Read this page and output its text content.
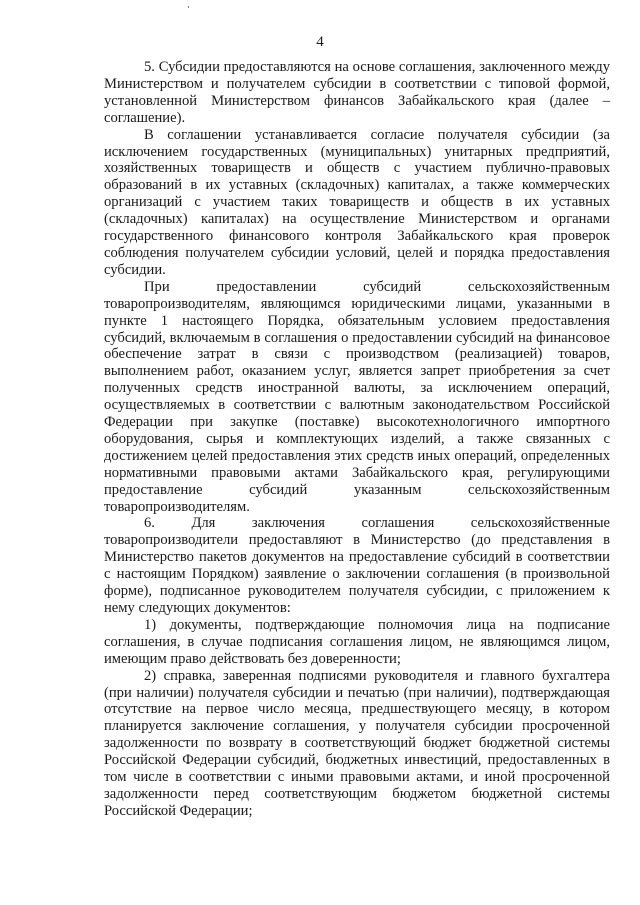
4

5. Субсидии предоставляются на основе соглашения, заключенного между Министерством и получателем субсидии в соответствии с типовой формой, установленной Министерством финансов Забайкальского края (далее – соглашение).

В соглашении устанавливается согласие получателя субсидии (за исключением государственных (муниципальных) унитарных предприятий, хозяйственных товариществ и обществ с участием публично-правовых образований в их уставных (складочных) капиталах, а также коммерческих организаций с участием таких товариществ и обществ в их уставных (складочных) капиталах) на осуществление Министерством и органами государственного финансового контроля Забайкальского края проверок соблюдения получателем субсидии условий, целей и порядка предоставления субсидии.

При предоставлении субсидий сельскохозяйственным товаропроизводителям, являющимся юридическими лицами, указанными в пункте 1 настоящего Порядка, обязательным условием предоставления субсидий, включаемым в соглашения о предоставлении субсидий на финансовое обеспечение затрат в связи с производством (реализацией) товаров, выполнением работ, оказанием услуг, является запрет приобретения за счет полученных средств иностранной валюты, за исключением операций, осуществляемых в соответствии с валютным законодательством Российской Федерации при закупке (поставке) высокотехнологичного импортного оборудования, сырья и комплектующих изделий, а также связанных с достижением целей предоставления этих средств иных операций, определенных нормативными правовыми актами Забайкальского края, регулирующими предоставление субсидий указанным сельскохозяйственным товаропроизводителям.

6. Для заключения соглашения сельскохозяйственные товаропроизводители предоставляют в Министерство (до представления в Министерство пакетов документов на предоставление субсидий в соответствии с настоящим Порядком) заявление о заключении соглашения (в произвольной форме), подписанное руководителем получателя субсидии, с приложением к нему следующих документов:

1) документы, подтверждающие полномочия лица на подписание соглашения, в случае подписания соглашения лицом, не являющимся лицом, имеющим право действовать без доверенности;

2) справка, заверенная подписями руководителя и главного бухгалтера (при наличии) получателя субсидии и печатью (при наличии), подтверждающая отсутствие на первое число месяца, предшествующего месяцу, в котором планируется заключение соглашения, у получателя субсидии просроченной задолженности по возврату в соответствующий бюджет бюджетной системы Российской Федерации субсидий, бюджетных инвестиций, предоставленных в том числе в соответствии с иными правовыми актами, и иной просроченной задолженности перед соответствующим бюджетом бюджетной системы Российской Федерации;
